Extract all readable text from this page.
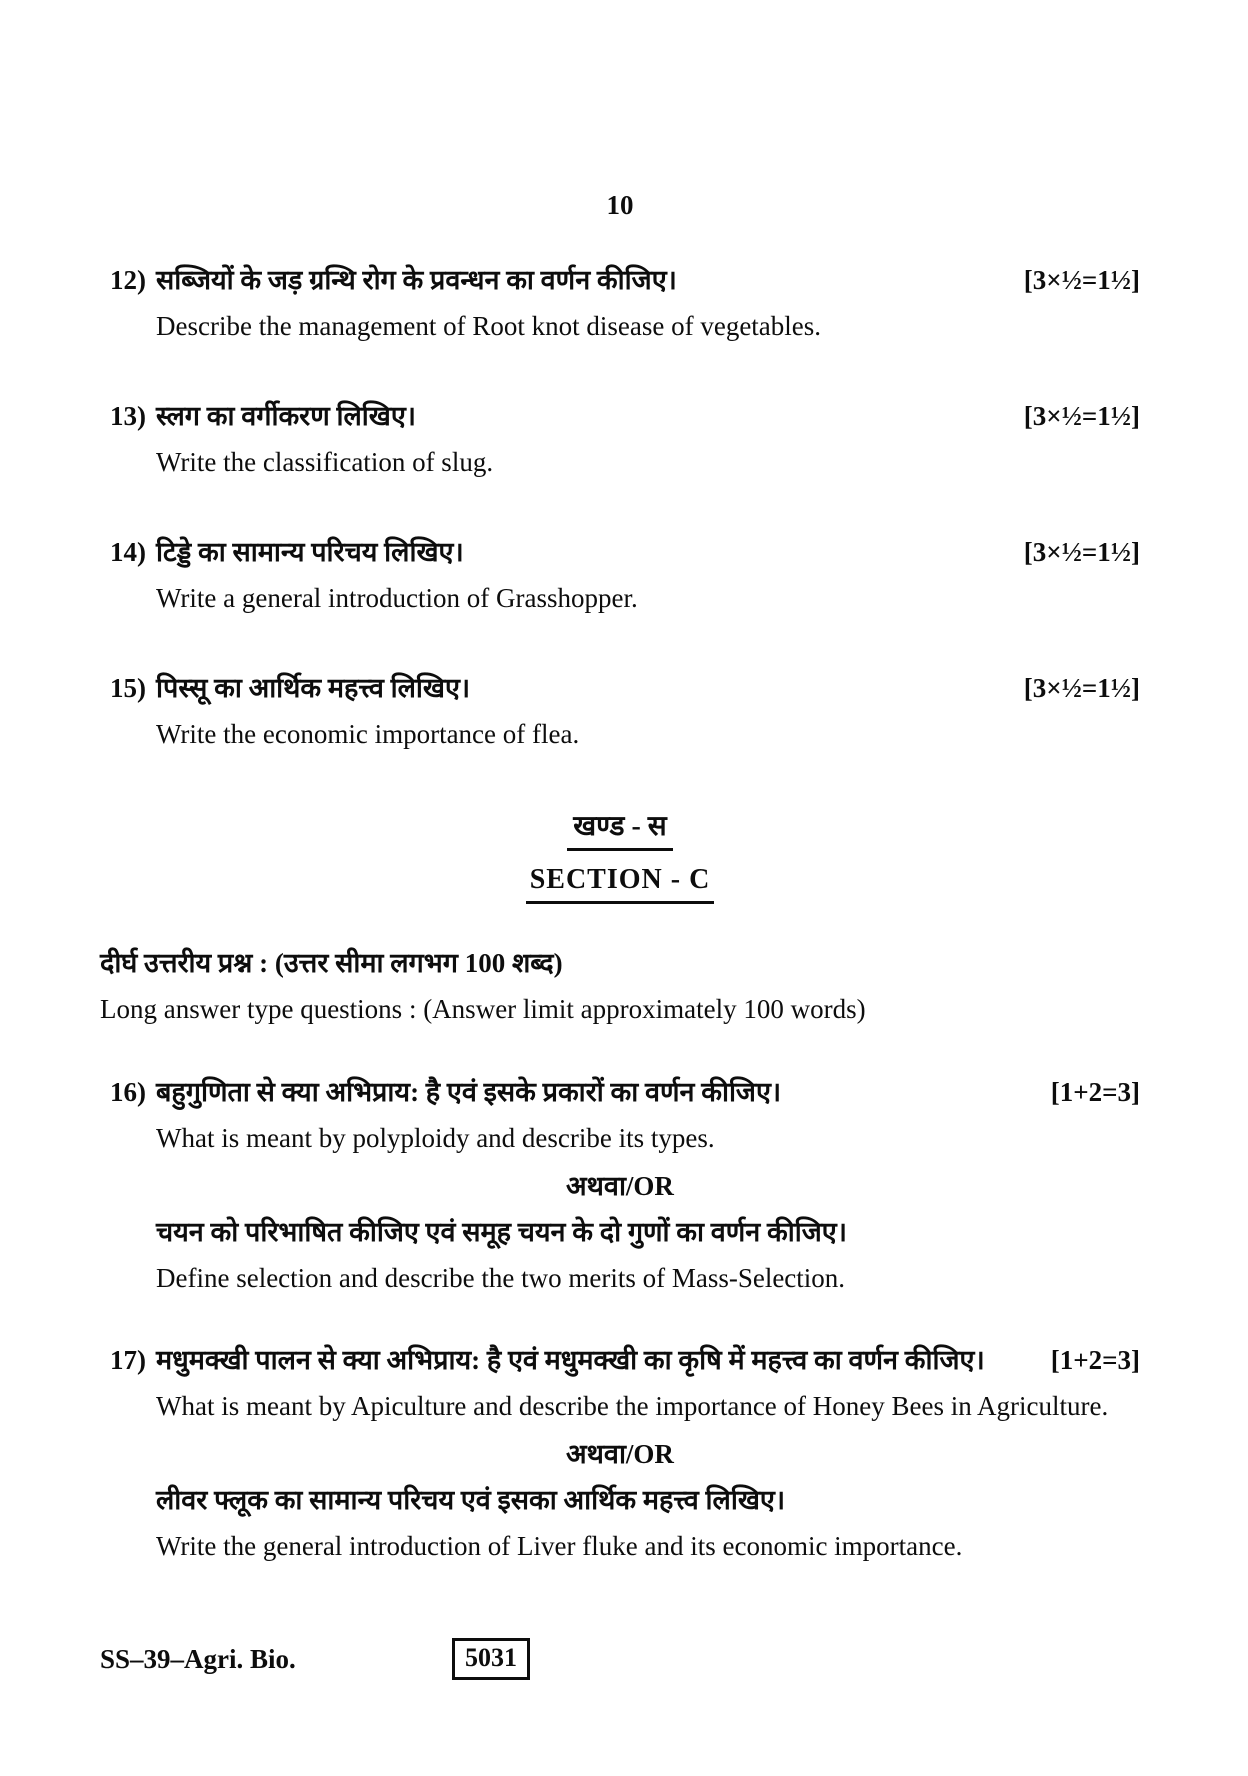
10
12) सब्जियों के जड़ ग्रन्थि रोग के प्रवन्धन का वर्णन कीजिए।	[3×½=1½]
Describe the management of Root knot disease of vegetables.
13) स्लग का वर्गीकरण लिखिए।	[3×½=1½]
Write the classification of slug.
14) टिड्डे का सामान्य परिचय लिखिए।	[3×½=1½]
Write a general introduction of Grasshopper.
15) पिस्सू का आर्थिक महत्त्व लिखिए।	[3×½=1½]
Write the economic importance of flea.
खण्ड - स
SECTION - C
दीर्घ उत्तरीय प्रश्न : (उत्तर सीमा लगभग 100 शब्द)
Long answer type questions : (Answer limit approximately 100 words)
16) बहुगुणिता से क्या अभिप्राय: है एवं इसके प्रकारों का वर्णन कीजिए।	[1+2=3]
What is meant by polyploidy and describe its types.
अथवा/OR
चयन को परिभाषित कीजिए एवं समूह चयन के दो गुणों का वर्णन कीजिए।
Define selection and describe the two merits of Mass-Selection.
17) मधुमक्खी पालन से क्या अभिप्राय: है एवं मधुमक्खी का कृषि में महत्त्व का वर्णन कीजिए।	[1+2=3]
What is meant by Apiculture and describe the importance of Honey Bees in Agriculture.
अथवा/OR
लीवर फ्लूक का सामान्य परिचय एवं इसका आर्थिक महत्त्व लिखिए।
Write the general introduction of Liver fluke and its economic importance.
SS–39–Agri. Bio.	5031
